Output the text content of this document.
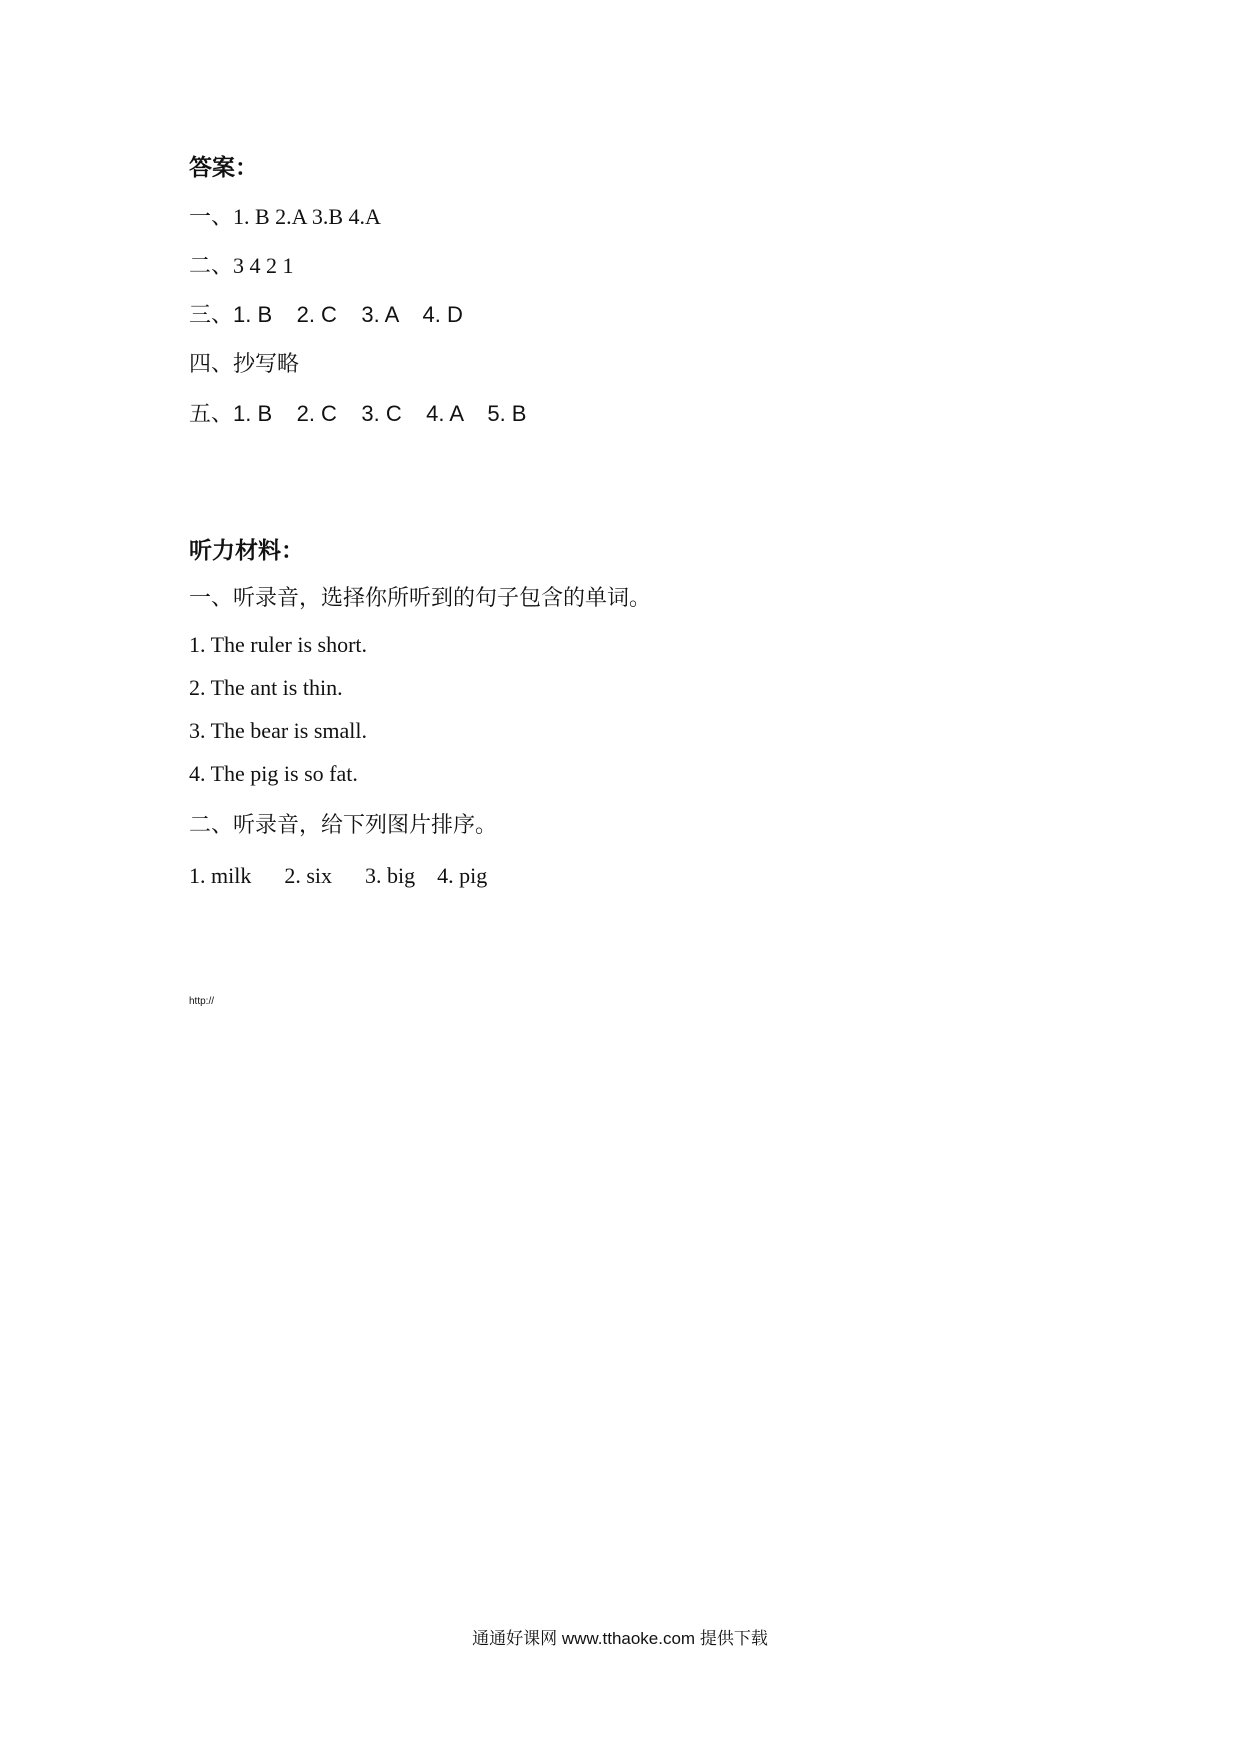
答案：
一、1. B 2.A 3.B 4.A
二、3 4 2 1
三、1. B    2. C    3. A    4. D
四、抄写略
五、1. B    2. C    3. C    4. A    5. B
听力材料：
一、听录音，选择你所听到的句子包含的单词。
1. The ruler is short.
2. The ant is thin.
3. The bear is small.
4. The pig is so fat.
二、听录音，给下列图片排序。
1. milk      2. six      3. big    4. pig
http://
通通好课网 www.tthaoke.com 提供下载
